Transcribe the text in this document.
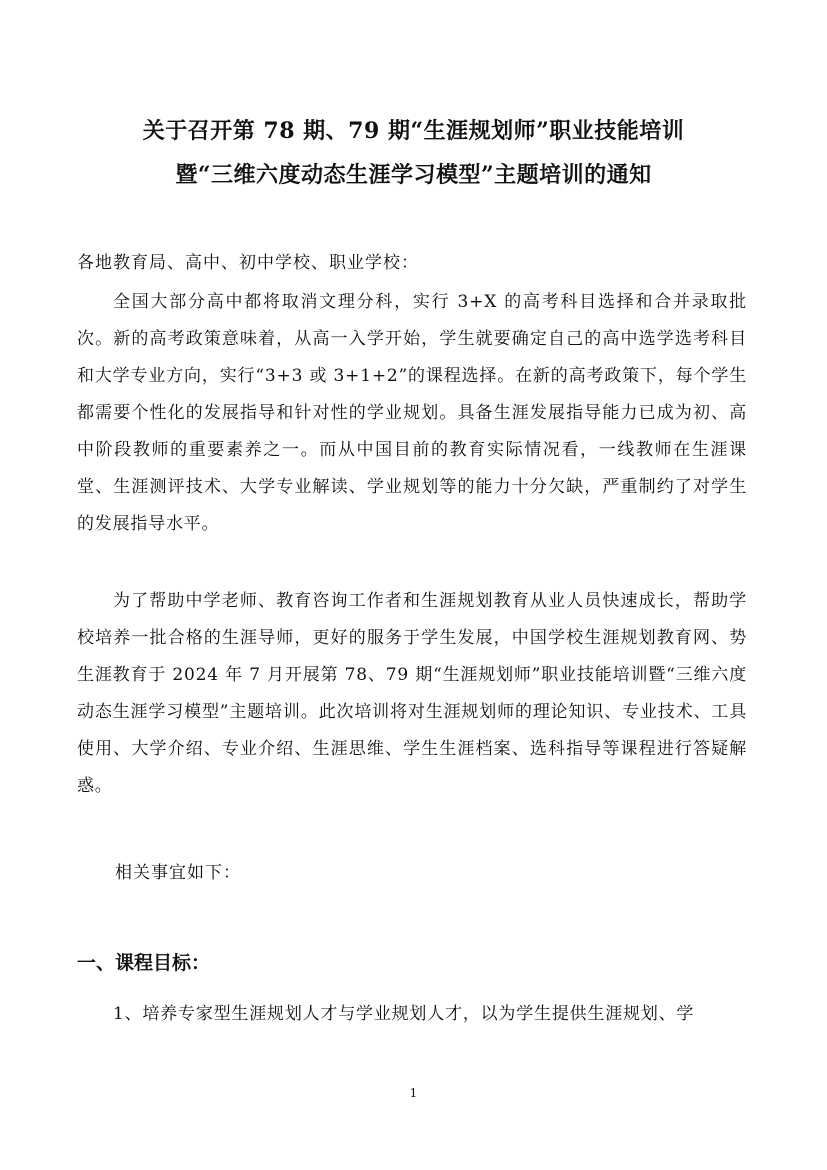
关于召开第 78 期、79 期“生涯规划师”职业技能培训
暨“三维六度动态生涯学习模型”主题培训的通知
各地教育局、高中、初中学校、职业学校：
全国大部分高中都将取消文理分科，实行 3+X 的高考科目选择和合并录取批次。新的高考政策意味着，从高一入学开始，学生就要确定自己的高中选学选考科目和大学专业方向，实行“3+3 或 3+1+2”的课程选择。在新的高考政策下，每个学生都需要个性化的发展指导和针对性的学业规划。具备生涯发展指导能力已成为初、高中阶段教师的重要素养之一。而从中国目前的教育实际情况看，一线教师在生涯课堂、生涯测评技术、大学专业解读、学业规划等的能力十分欠缺，严重制约了对学生的发展指导水平。
为了帮助中学老师、教育咨询工作者和生涯规划教育从业人员快速成长，帮助学校培养一批合格的生涯导师，更好的服务于学生发展，中国学校生涯规划教育网、势生涯教育于 2024 年 7 月开展第 78、79 期“生涯规划师”职业技能培训暨“三维六度动态生涯学习模型”主题培训。此次培训将对生涯规划师的理论知识、专业技术、工具使用、大学介绍、专业介绍、生涯思维、学生生涯档案、选科指导等课程进行答疑解惑。
相关事宜如下：
一、课程目标：
1、培养专家型生涯规划人才与学业规划人才，以为学生提供生涯规划、学
1
